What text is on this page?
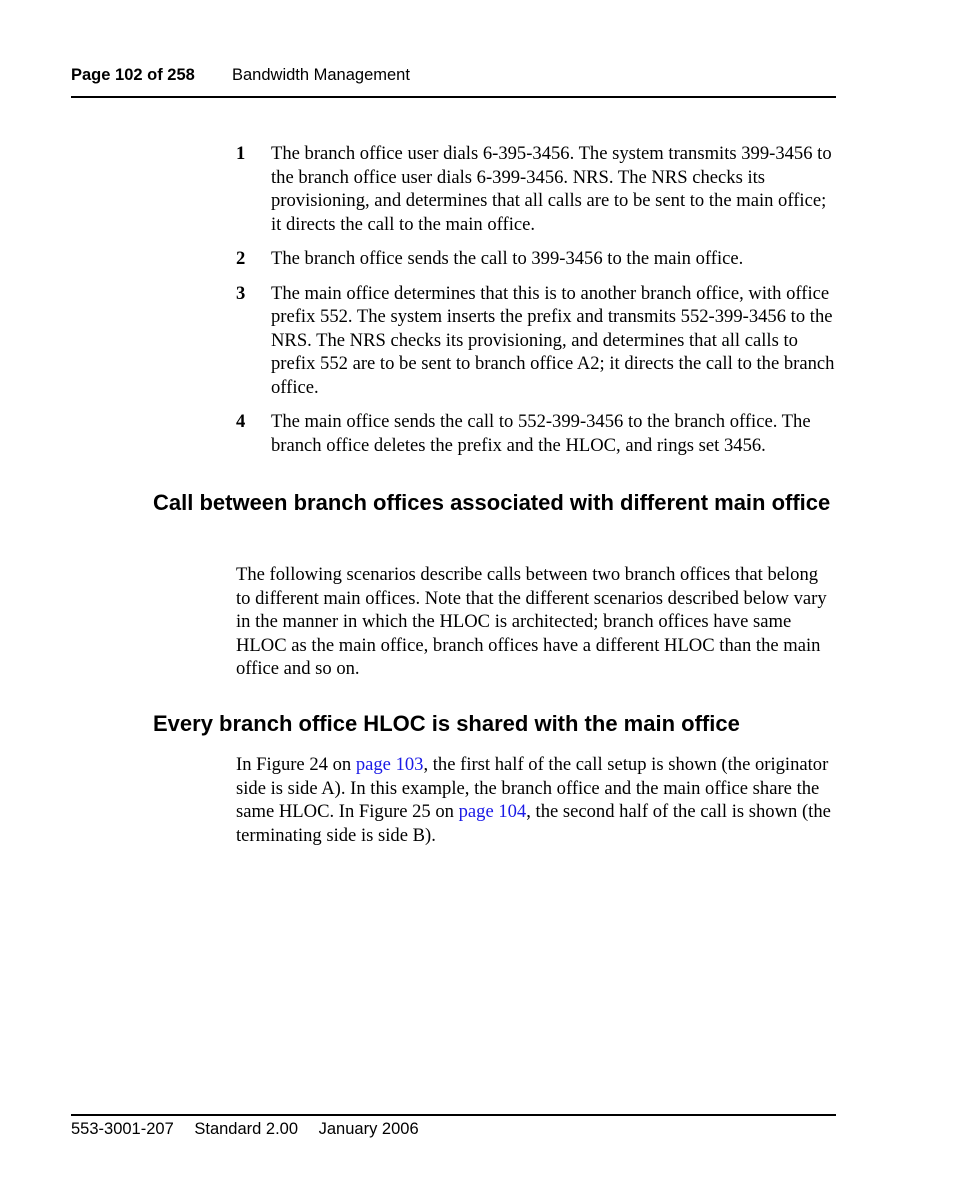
Page 102 of 258 Bandwidth Management
1 The branch office user dials 6-395-3456. The system transmits 399-3456 to the branch office user dials 6-399-3456. NRS. The NRS checks its provisioning, and determines that all calls are to be sent to the main office; it directs the call to the main office.
2 The branch office sends the call to 399-3456 to the main office.
3 The main office determines that this is to another branch office, with office prefix 552. The system inserts the prefix and transmits 552-399-3456 to the NRS. The NRS checks its provisioning, and determines that all calls to prefix 552 are to be sent to branch office A2; it directs the call to the branch office.
4 The main office sends the call to 552-399-3456 to the branch office. The branch office deletes the prefix and the HLOC, and rings set 3456.
Call between branch offices associated with different main office
The following scenarios describe calls between two branch offices that belong to different main offices. Note that the different scenarios described below vary in the manner in which the HLOC is architected; branch offices have same HLOC as the main office, branch offices have a different HLOC than the main office and so on.
Every branch office HLOC is shared with the main office
In Figure 24 on page 103, the first half of the call setup is shown (the originator side is side A). In this example, the branch office and the main office share the same HLOC. In Figure 25 on page 104, the second half of the call is shown (the terminating side is side B).
553-3001-207 Standard 2.00 January 2006
